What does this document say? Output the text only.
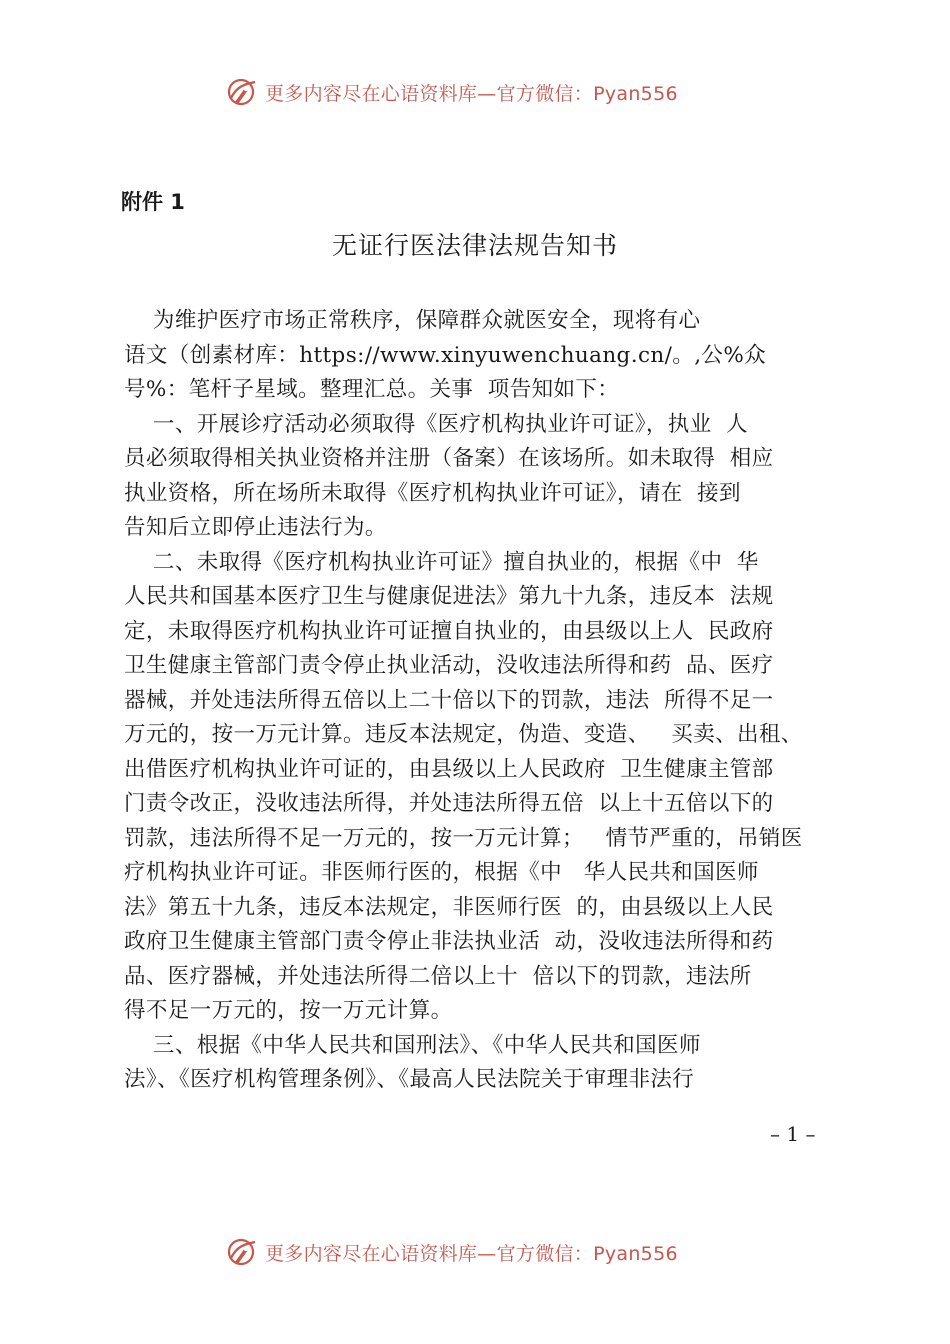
更多内容尽在心语资料库—官方微信：Pyan556

附件 1

无证行医法律法规告知书
为维护医疗市场正常秩序，保障群众就医安全，现将有心
语文（创素材库：https://www.xinyuwenchuang.cn/。,公%众
号%：笔杆子星域。整理汇总。关事  项告知如下：
一、开展诊疗活动必须取得《医疗机构执业许可证》，执业  人
员必须取得相关执业资格并注册（备案）在该场所。如未取得  相应
执业资格，所在场所未取得《医疗机构执业许可证》，请在  接到
告知后立即停止违法行为。
二、未取得《医疗机构执业许可证》擅自执业的，根据《中  华
人民共和国基本医疗卫生与健康促进法》第九十九条，违反本  法规
定，未取得医疗机构执业许可证擅自执业的，由县级以上人  民政府
卫生健康主管部门责令停止执业活动，没收违法所得和药  品、医疗
器械，并处违法所得五倍以上二十倍以下的罚款，违法  所得不足一
万元的，按一万元计算。违反本法规定，伪造、变造、   买卖、出租、
出借医疗机构执业许可证的，由县级以上人民政府  卫生健康主管部
门责令改正，没收违法所得，并处违法所得五倍  以上十五倍以下的
罚款，违法所得不足一万元的，按一万元计算；   情节严重的，吊销医
疗机构执业许可证。非医师行医的，根据《中   华人民共和国医师
法》第五十九条，违反本法规定，非医师行医  的，由县级以上人民
政府卫生健康主管部门责令停止非法执业活  动，没收违法所得和药
品、医疗器械，并处违法所得二倍以上十  倍以下的罚款，违法所
得不足一万元的，按一万元计算。
三、根据《中华人民共和国刑法》、《中华人民共和国医师
法》、《医疗机构管理条例》、《最高人民法院关于审理非法行

– 1 –

更多内容尽在心语资料库—官方微信：Pyan556
